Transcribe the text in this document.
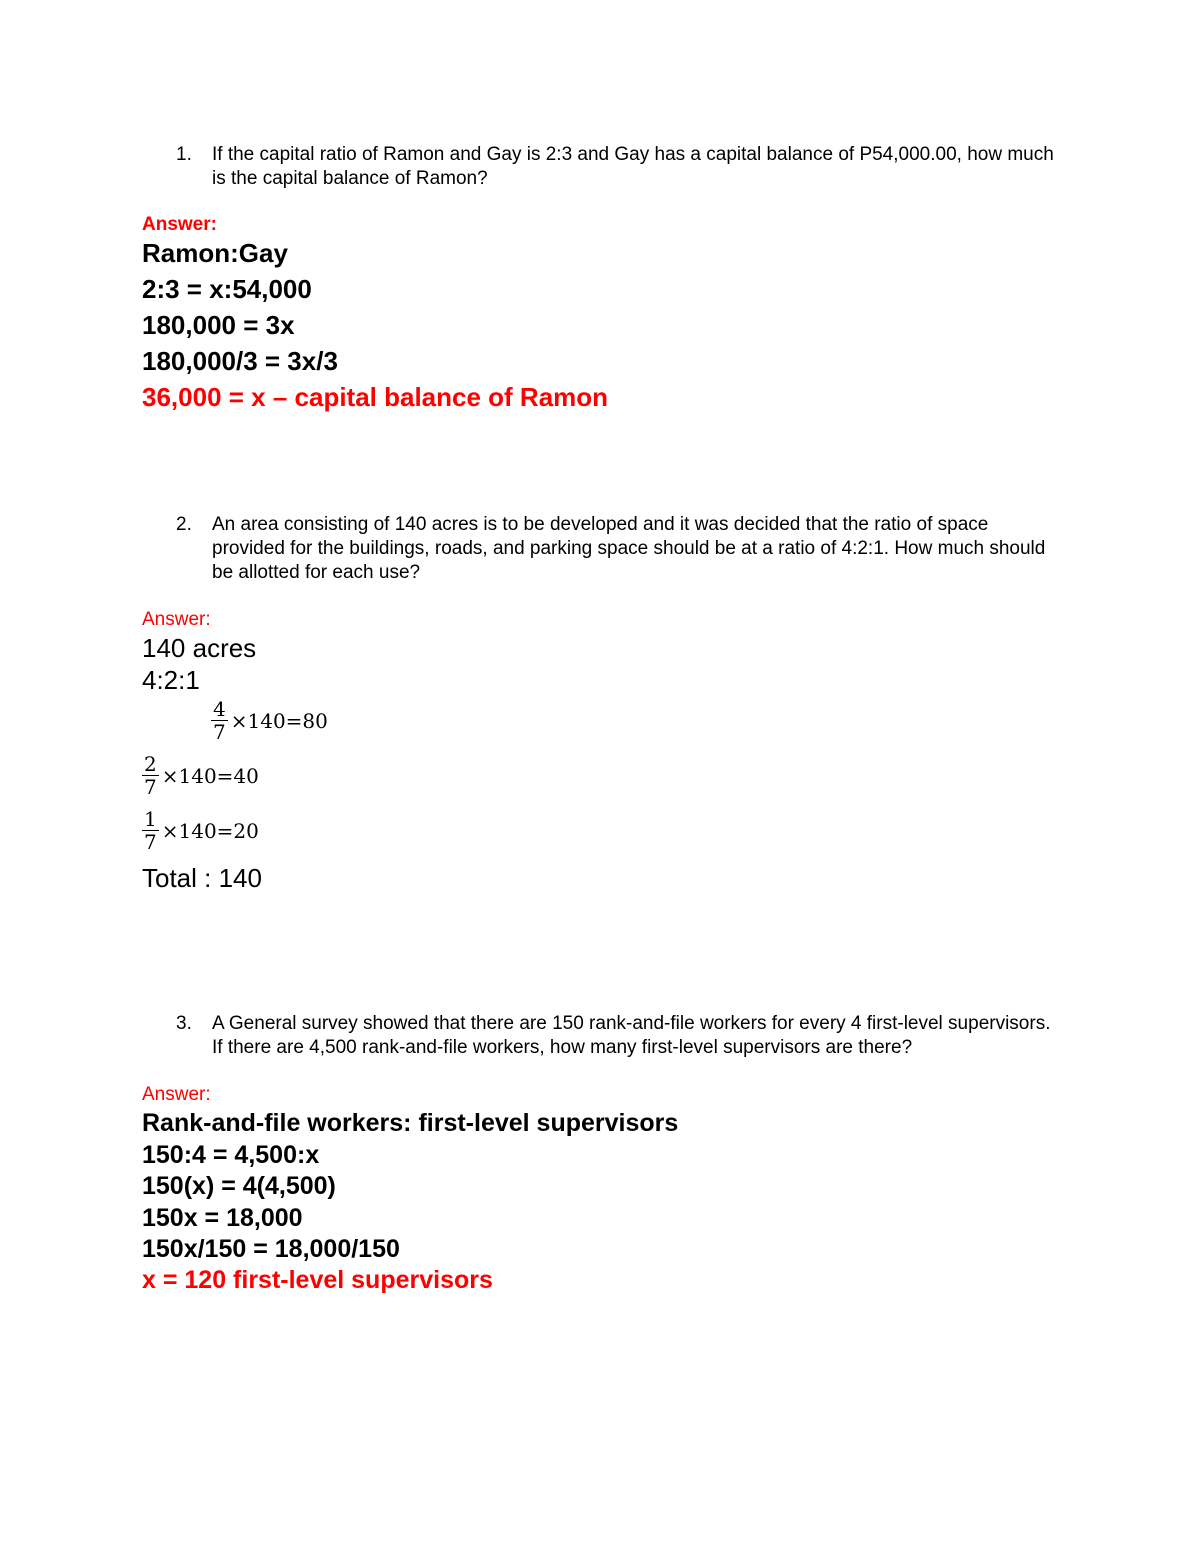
1. If the capital ratio of Ramon and Gay is 2:3 and Gay has a capital balance of P54,000.00, how much is the capital balance of Ramon?
Answer:
Ramon:Gay
2:3 = x:54,000
180,000 = 3x
180,000/3 = 3x/3
36,000 = x – capital balance of Ramon
2. An area consisting of 140 acres is to be developed and it was decided that the ratio of space provided for the buildings, roads, and parking space should be at a ratio of 4:2:1. How much should be allotted for each use?
Answer:
140 acres
4:2:1
$\frac{4}{7} \times 140=80$
$\frac{2}{7} \times 140=40$
$\frac{1}{7} \times 140=20$
Total : 140
3. A General survey showed that there are 150 rank-and-file workers for every 4 first-level supervisors. If there are 4,500 rank-and-file workers, how many first-level supervisors are there?
Answer:
Rank-and-file workers: first-level supervisors
150:4 = 4,500:x
150(x) = 4(4,500)
150x = 18,000
150x/150 = 18,000/150
x = 120 first-level supervisors
